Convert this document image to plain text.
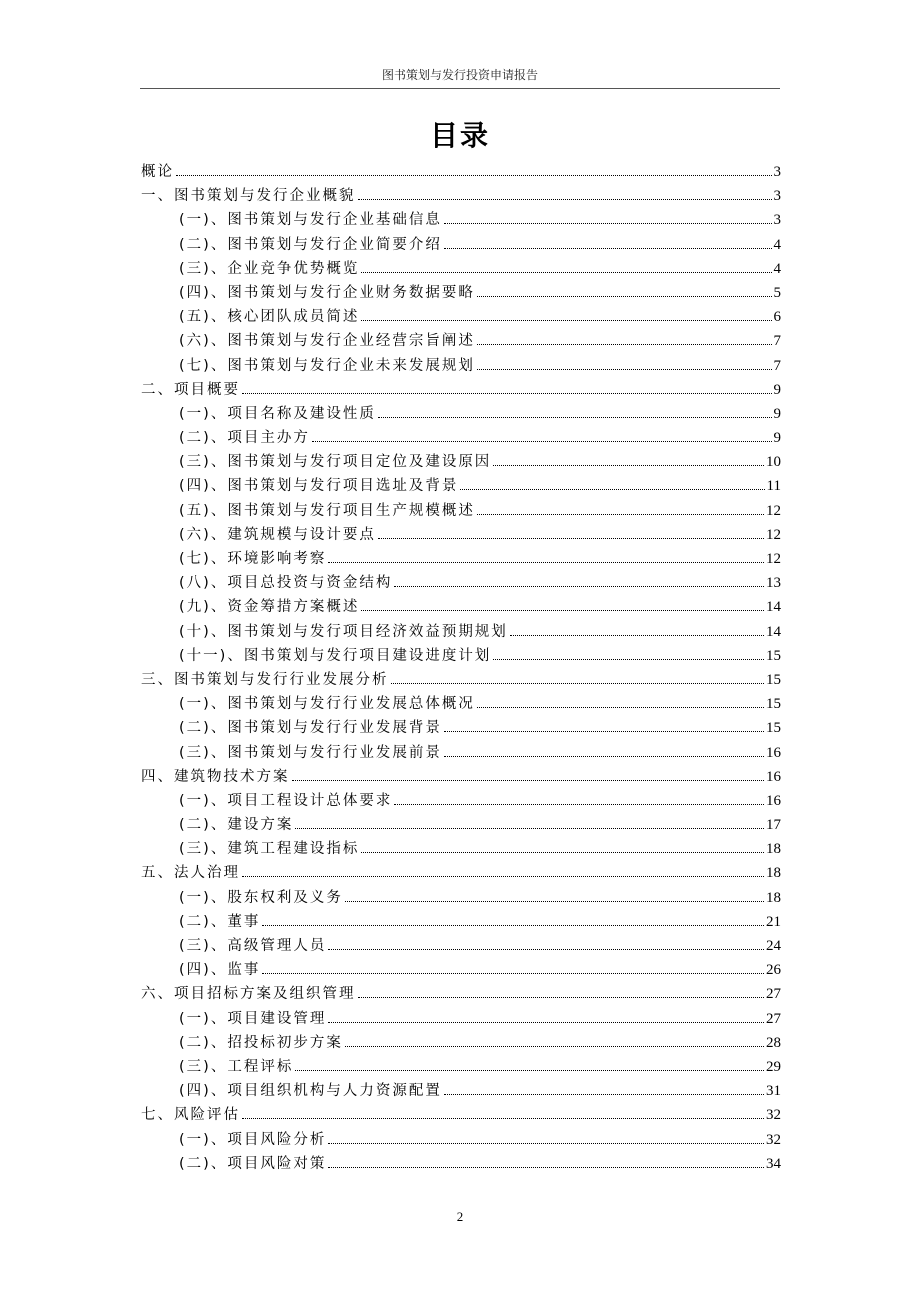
图书策划与发行投资申请报告
目录
概论	3
一、图书策划与发行企业概貌	3
(一)、图书策划与发行企业基础信息	3
(二)、图书策划与发行企业简要介绍	4
(三)、企业竞争优势概览	4
(四)、图书策划与发行企业财务数据要略	5
(五)、核心团队成员简述	6
(六)、图书策划与发行企业经营宗旨阐述	7
(七)、图书策划与发行企业未来发展规划	7
二、项目概要	9
(一)、项目名称及建设性质	9
(二)、项目主办方	9
(三)、图书策划与发行项目定位及建设原因	10
(四)、图书策划与发行项目选址及背景	11
(五)、图书策划与发行项目生产规模概述	12
(六)、建筑规模与设计要点	12
(七)、环境影响考察	12
(八)、项目总投资与资金结构	13
(九)、资金筹措方案概述	14
(十)、图书策划与发行项目经济效益预期规划	14
(十一)、图书策划与发行项目建设进度计划	15
三、图书策划与发行行业发展分析	15
(一)、图书策划与发行行业发展总体概况	15
(二)、图书策划与发行行业发展背景	15
(三)、图书策划与发行行业发展前景	16
四、建筑物技术方案	16
(一)、项目工程设计总体要求	16
(二)、建设方案	17
(三)、建筑工程建设指标	18
五、法人治理	18
(一)、股东权利及义务	18
(二)、董事	21
(三)、高级管理人员	24
(四)、监事	26
六、项目招标方案及组织管理	27
(一)、项目建设管理	27
(二)、招投标初步方案	28
(三)、工程评标	29
(四)、项目组织机构与人力资源配置	31
七、风险评估	32
(一)、项目风险分析	32
(二)、项目风险对策	34
2
